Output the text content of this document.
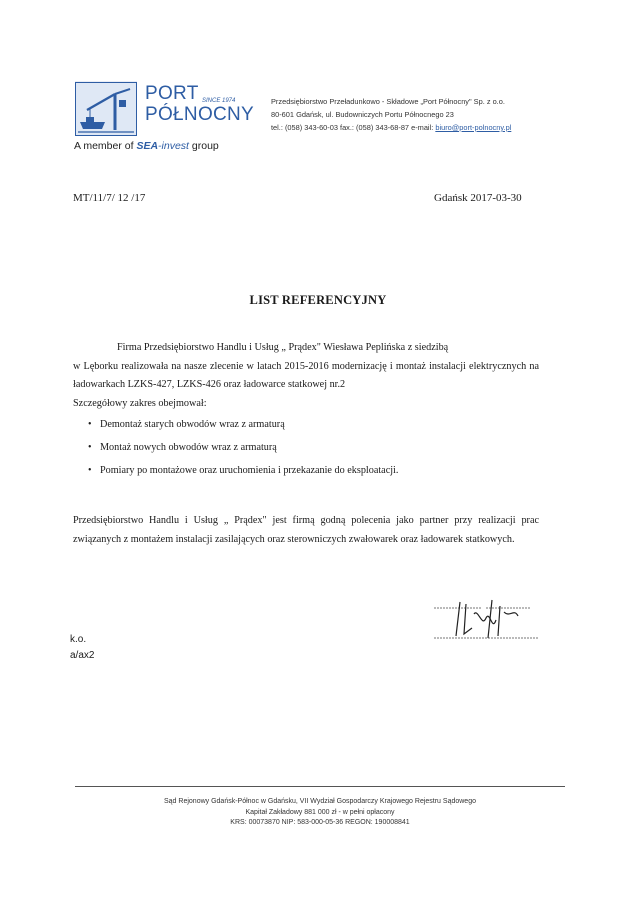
PORT
PÓŁNOCNY
SINCE 1974
A member of SEA-invest group
Przedsiębiorstwo Przeładunkowo - Składowe „Port Północny" Sp. z o.o.
80-601 Gdańsk, ul. Budowniczych Portu Północnego 23
tel.: (058) 343-60-03 fax.: (058) 343-68-87 e-mail: biuro@port-polnocny.pl
MT/11/7/ 12 /17	Gdańsk 2017-03-30
LIST REFERENCYJNY
Firma Przedsiębiorstwo Handlu i Usług „ Prądex" Wiesława Peplińska z siedzibą
w Lęborku realizowała na nasze zlecenie w latach 2015-2016 modernizację i montaż instalacji elektrycznych na ładowarkach LZKS-427, LZKS-426 oraz ładowarce statkowej nr.2
Szczegółowy zakres obejmował:
• Demontaż starych obwodów wraz z armaturą
• Montaż nowych obwodów wraz z armaturą
• Pomiary po montażowe oraz uruchomienia i przekazanie do eksploatacji.
Przedsiębiorstwo Handlu i Usług „ Prądex" jest firmą godną polecenia jako partner przy realizacji prac związanych z montażem instalacji zasilających oraz sterowniczych zwałowarek oraz ładowarek statkowych.
k.o.
a/ax2
Sąd Rejonowy Gdańsk-Północ w Gdańsku, VII Wydział Gospodarczy Krajowego Rejestru Sądowego
Kapitał Zakładowy 881 000 zł - w pełni opłacony
KRS: 00073870 NIP: 583-000-05-36 REGON: 190008841
